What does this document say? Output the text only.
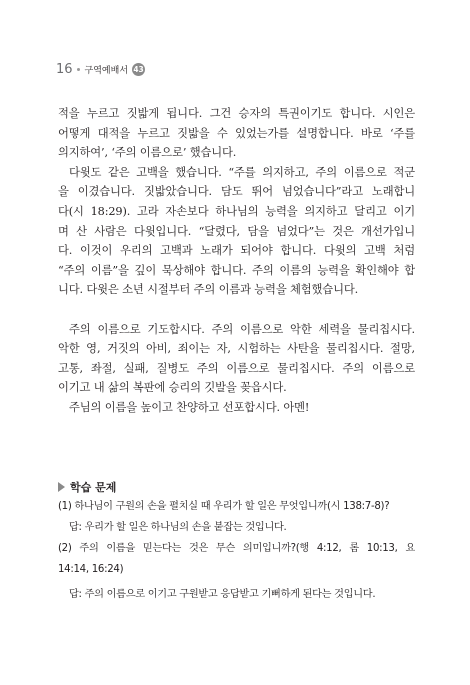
16 구역예배서 43
적을 누르고 짓밟게 됩니다. 그건 승자의 특권이기도 합니다. 시인은
어떻게 대적을 누르고 짓밟을 수 있었는가를 설명합니다. 바로 ‘주를
의지하여’, ‘주의 이름으로’ 했습니다.
다윗도 같은 고백을 했습니다. “주를 의지하고, 주의 이름으로 적군
을 이겼습니다. 짓밟았습니다. 담도 뛰어 넘었습니다”라고 노래합니
다(시 18:29). 고라 자손보다 하나님의 능력을 의지하고 달리고 이기
며 산 사람은 다윗입니다. “달렸다, 담을 넘었다”는 것은 개선가입니
다. 이것이 우리의 고백과 노래가 되어야 합니다. 다윗의 고백 처럼
“주의 이름”을 깊이 묵상해야 합니다. 주의 이름의 능력을 확인해야 합
니다. 다윗은 소년 시절부터 주의 이름과 능력을 체험했습니다.
주의 이름으로 기도합시다. 주의 이름으로 악한 세력을 물리칩시다.
악한 영, 거짓의 아비, 죄이는 자, 시험하는 사탄을 물리칩시다. 절망,
고통, 좌절, 실패, 질병도 주의 이름으로 물리칩시다. 주의 이름으로
이기고 내 삶의 복판에 승리의 깃발을 꽂읍시다.
주님의 이름을 높이고 찬양하고 선포합시다. 아멘!
학습 문제
(1) 하나님이 구원의 손을 펼치실 때 우리가 할 일은 무엇입니까(시 138:7-8)?
답: 우리가 할 일은 하나님의 손을 붙잡는 것입니다.
(2) 주의 이름을 믿는다는 것은 무슨 의미입니까?(행 4:12, 롬 10:13, 요
14:14, 16:24)
답: 주의 이름으로 이기고 구원받고 응답받고 기뻐하게 된다는 것입니다.
